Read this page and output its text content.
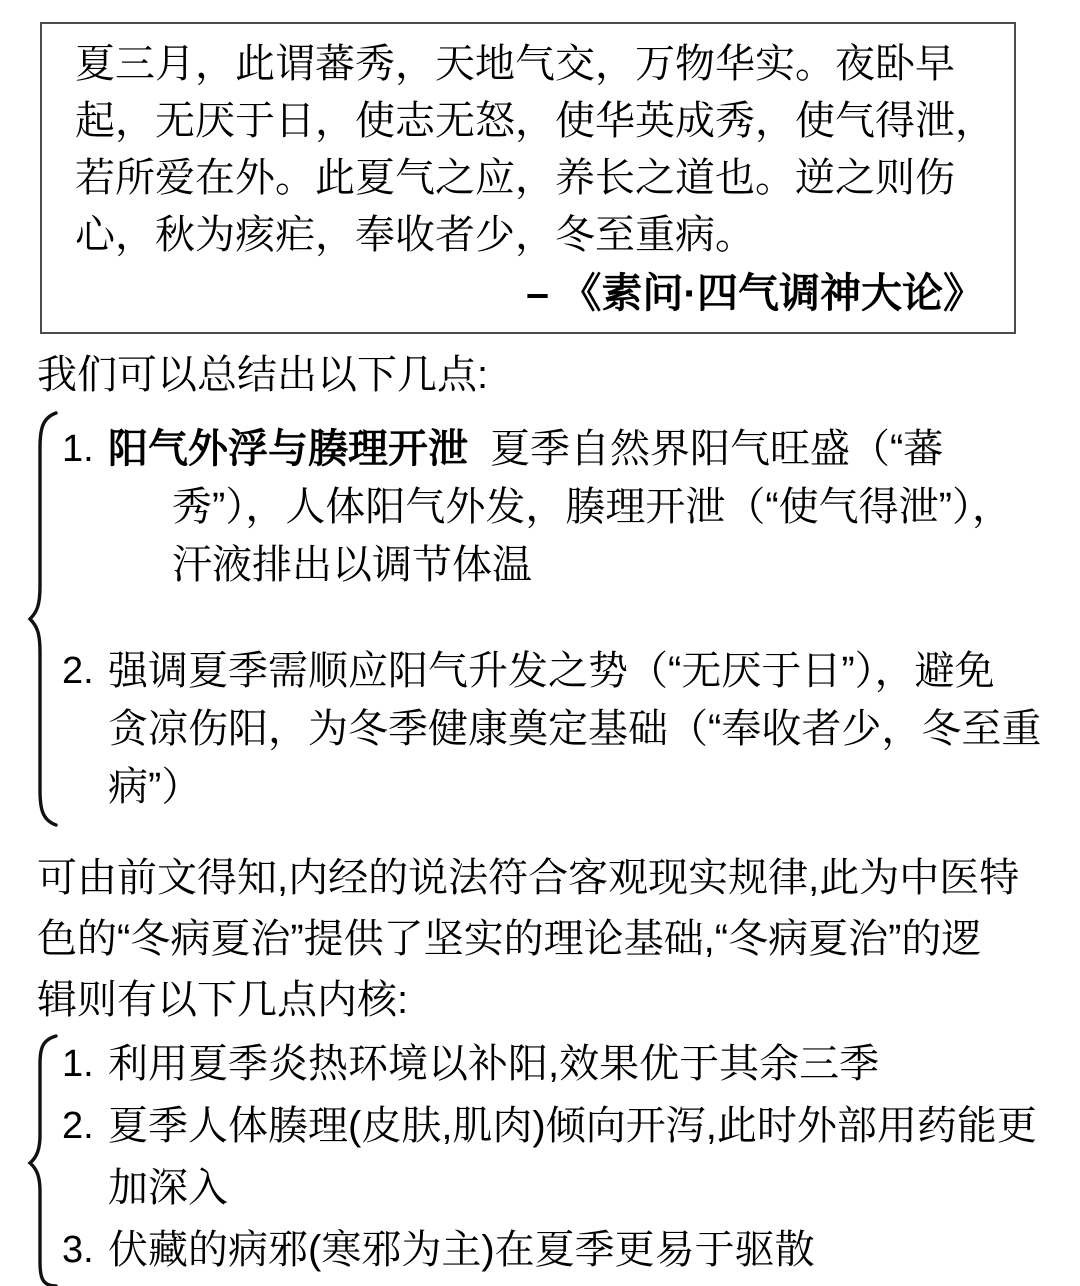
夏三月，此谓蕃秀，天地气交，万物华实。夜卧早
起，无厌于日，使志无怒，使华英成秀，使气得泄，
若所爱在外。此夏气之应，养长之道也。逆之则伤
心，秋为痎疟，奉收者少，冬至重病。
– 《素问·四气调神大论》
我们可以总结出以下几点:
1. 阳气外浮与腠理开泄 夏季自然界阳气旺盛（“蕃
秀”），人体阳气外发，腠理开泄（“使气得泄”），
汗液排出以调节体温
2. 强调夏季需顺应阳气升发之势（“无厌于日”），避免
贪凉伤阳，为冬季健康奠定基础（“奉收者少，冬至重
病”）
可由前文得知,内经的说法符合客观现实规律,此为中医特
色的“冬病夏治”提供了坚实的理论基础,“冬病夏治”的逻
辑则有以下几点内核:
1. 利用夏季炎热环境以补阳,效果优于其余三季
2. 夏季人体腠理(皮肤,肌肉)倾向开泻,此时外部用药能更
加深入
3. 伏藏的病邪(寒邪为主)在夏季更易于驱散
